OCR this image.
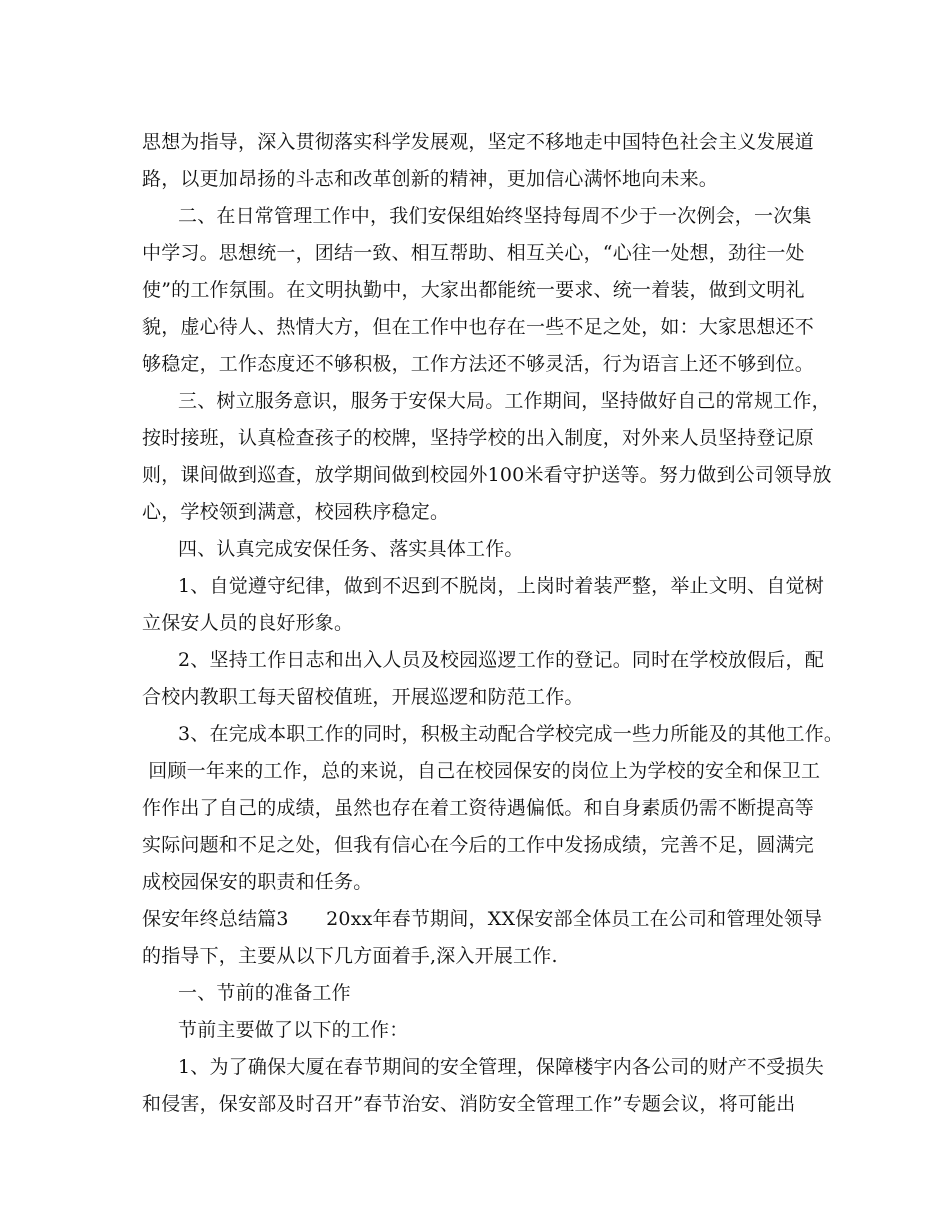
思想为指导，深入贯彻落实科学发展观，坚定不移地走中国特色社会主义发展道
路，以更加昂扬的斗志和改革创新的精神，更加信心满怀地向未来。
二、在日常管理工作中，我们安保组始终坚持每周不少于一次例会，一次集
中学习。思想统一，团结一致、相互帮助、相互关心，“心往一处想，劲往一处
使”的工作氛围。在文明执勤中，大家出都能统一要求、统一着装，做到文明礼
貌，虚心待人、热情大方，但在工作中也存在一些不足之处，如：大家思想还不
够稳定，工作态度还不够积极，工作方法还不够灵活，行为语言上还不够到位。
三、树立服务意识，服务于安保大局。工作期间，坚持做好自己的常规工作，
按时接班，认真检查孩子的校牌，坚持学校的出入制度，对外来人员坚持登记原
则，课间做到巡查，放学期间做到校园外100米看守护送等。努力做到公司领导放
心，学校领到满意，校园秩序稳定。
四、认真完成安保任务、落实具体工作。
1、自觉遵守纪律，做到不迟到不脱岗，上岗时着装严整，举止文明、自觉树
立保安人员的良好形象。
2、坚持工作日志和出入人员及校园巡逻工作的登记。同时在学校放假后，配
合校内教职工每天留校值班，开展巡逻和防范工作。
3、在完成本职工作的同时，积极主动配合学校完成一些力所能及的其他工作。
回顾一年来的工作，总的来说，自己在校园保安的岗位上为学校的安全和保卫工
作作出了自己的成绩，虽然也存在着工资待遇偏低。和自身素质仍需不断提高等
实际问题和不足之处，但我有信心在今后的工作中发扬成绩，完善不足，圆满完
成校园保安的职责和任务。
保安年终总结篇3      20xx年春节期间，XX保安部全体员工在公司和管理处领导
的指导下，主要从以下几方面着手,深入开展工作.
一、节前的准备工作
节前主要做了以下的工作：
1、为了确保大厦在春节期间的安全管理，保障楼宇内各公司的财产不受损失
和侵害，保安部及时召开”春节治安、消防安全管理工作”专题会议，将可能出
